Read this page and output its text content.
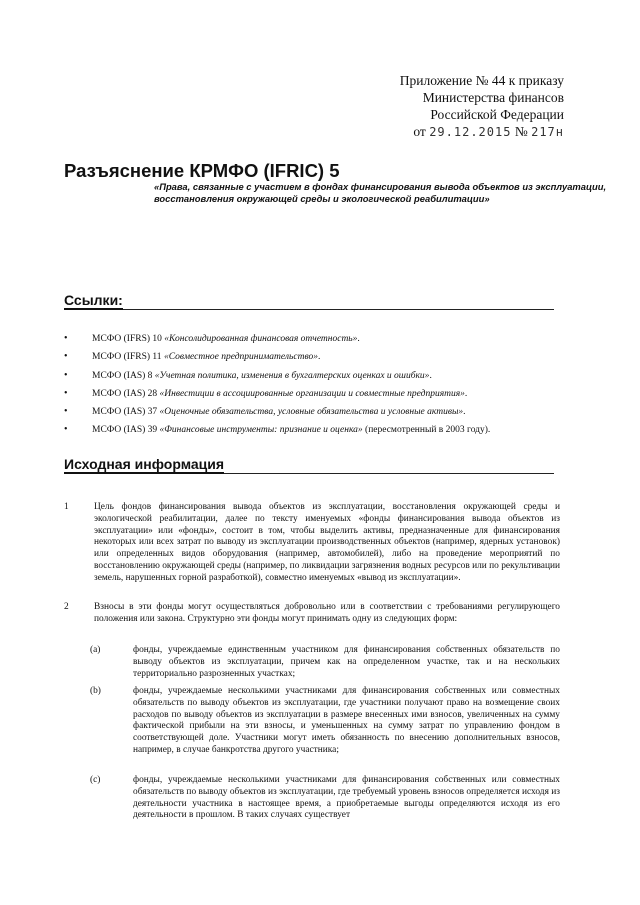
Приложение № 44 к приказу
Министерства финансов
Российской Федерации
от 29.12.2015 № 217н
Разъяснение КРМФО (IFRIC) 5
«Права, связанные с участием в фондах финансирования вывода объектов из эксплуатации, восстановления окружающей среды и экологической реабилитации»
Ссылки:
•	МСФО (IFRS) 10 «Консолидированная финансовая отчетность».
•	МСФО (IFRS) 11 «Совместное предпринимательство».
•	МСФО (IAS) 8 «Учетная политика, изменения в бухгалтерских оценках и ошибки».
•	МСФО (IAS) 28 «Инвестиции в ассоциированные организации и совместные предприятия».
•	МСФО (IAS) 37 «Оценочные обязательства, условные обязательства и условные активы».
•	МСФО (IAS) 39 «Финансовые инструменты: признание и оценка» (пересмотренный в 2003 году).
Исходная информация
1	Цель фондов финансирования вывода объектов из эксплуатации, восстановления окружающей среды и экологической реабилитации, далее по тексту именуемых «фонды финансирования вывода объектов из эксплуатации» или «фонды», состоит в том, чтобы выделить активы, предназначенные для финансирования некоторых или всех затрат по выводу из эксплуатации производственных объектов (например, ядерных установок) или определенных видов оборудования (например, автомобилей), либо на проведение мероприятий по восстановлению окружающей среды (например, по ликвидации загрязнения водных ресурсов или по рекультивации земель, нарушенных горной разработкой), совместно именуемых «вывод из эксплуатации».
2	Взносы в эти фонды могут осуществляться добровольно или в соответствии с требованиями регулирующего положения или закона. Структурно эти фонды могут принимать одну из следующих форм:
(a)	фонды, учреждаемые единственным участником для финансирования собственных обязательств по выводу объектов из эксплуатации, причем как на определенном участке, так и на нескольких территориально разрозненных участках;
(b)	фонды, учреждаемые несколькими участниками для финансирования собственных или совместных обязательств по выводу объектов из эксплуатации, где участники получают право на возмещение своих расходов по выводу объектов из эксплуатации в размере внесенных ими взносов, увеличенных на сумму фактической прибыли на эти взносы, и уменьшенных на сумму затрат по управлению фондом в соответствующей доле. Участники могут иметь обязанность по внесению дополнительных взносов, например, в случае банкротства другого участника;
(c)	фонды, учреждаемые несколькими участниками для финансирования собственных или совместных обязательств по выводу объектов из эксплуатации, где требуемый уровень взносов определяется исходя из деятельности участника в настоящее время, а приобретаемые выгоды определяются исходя из его деятельности в прошлом. В таких случаях существует
